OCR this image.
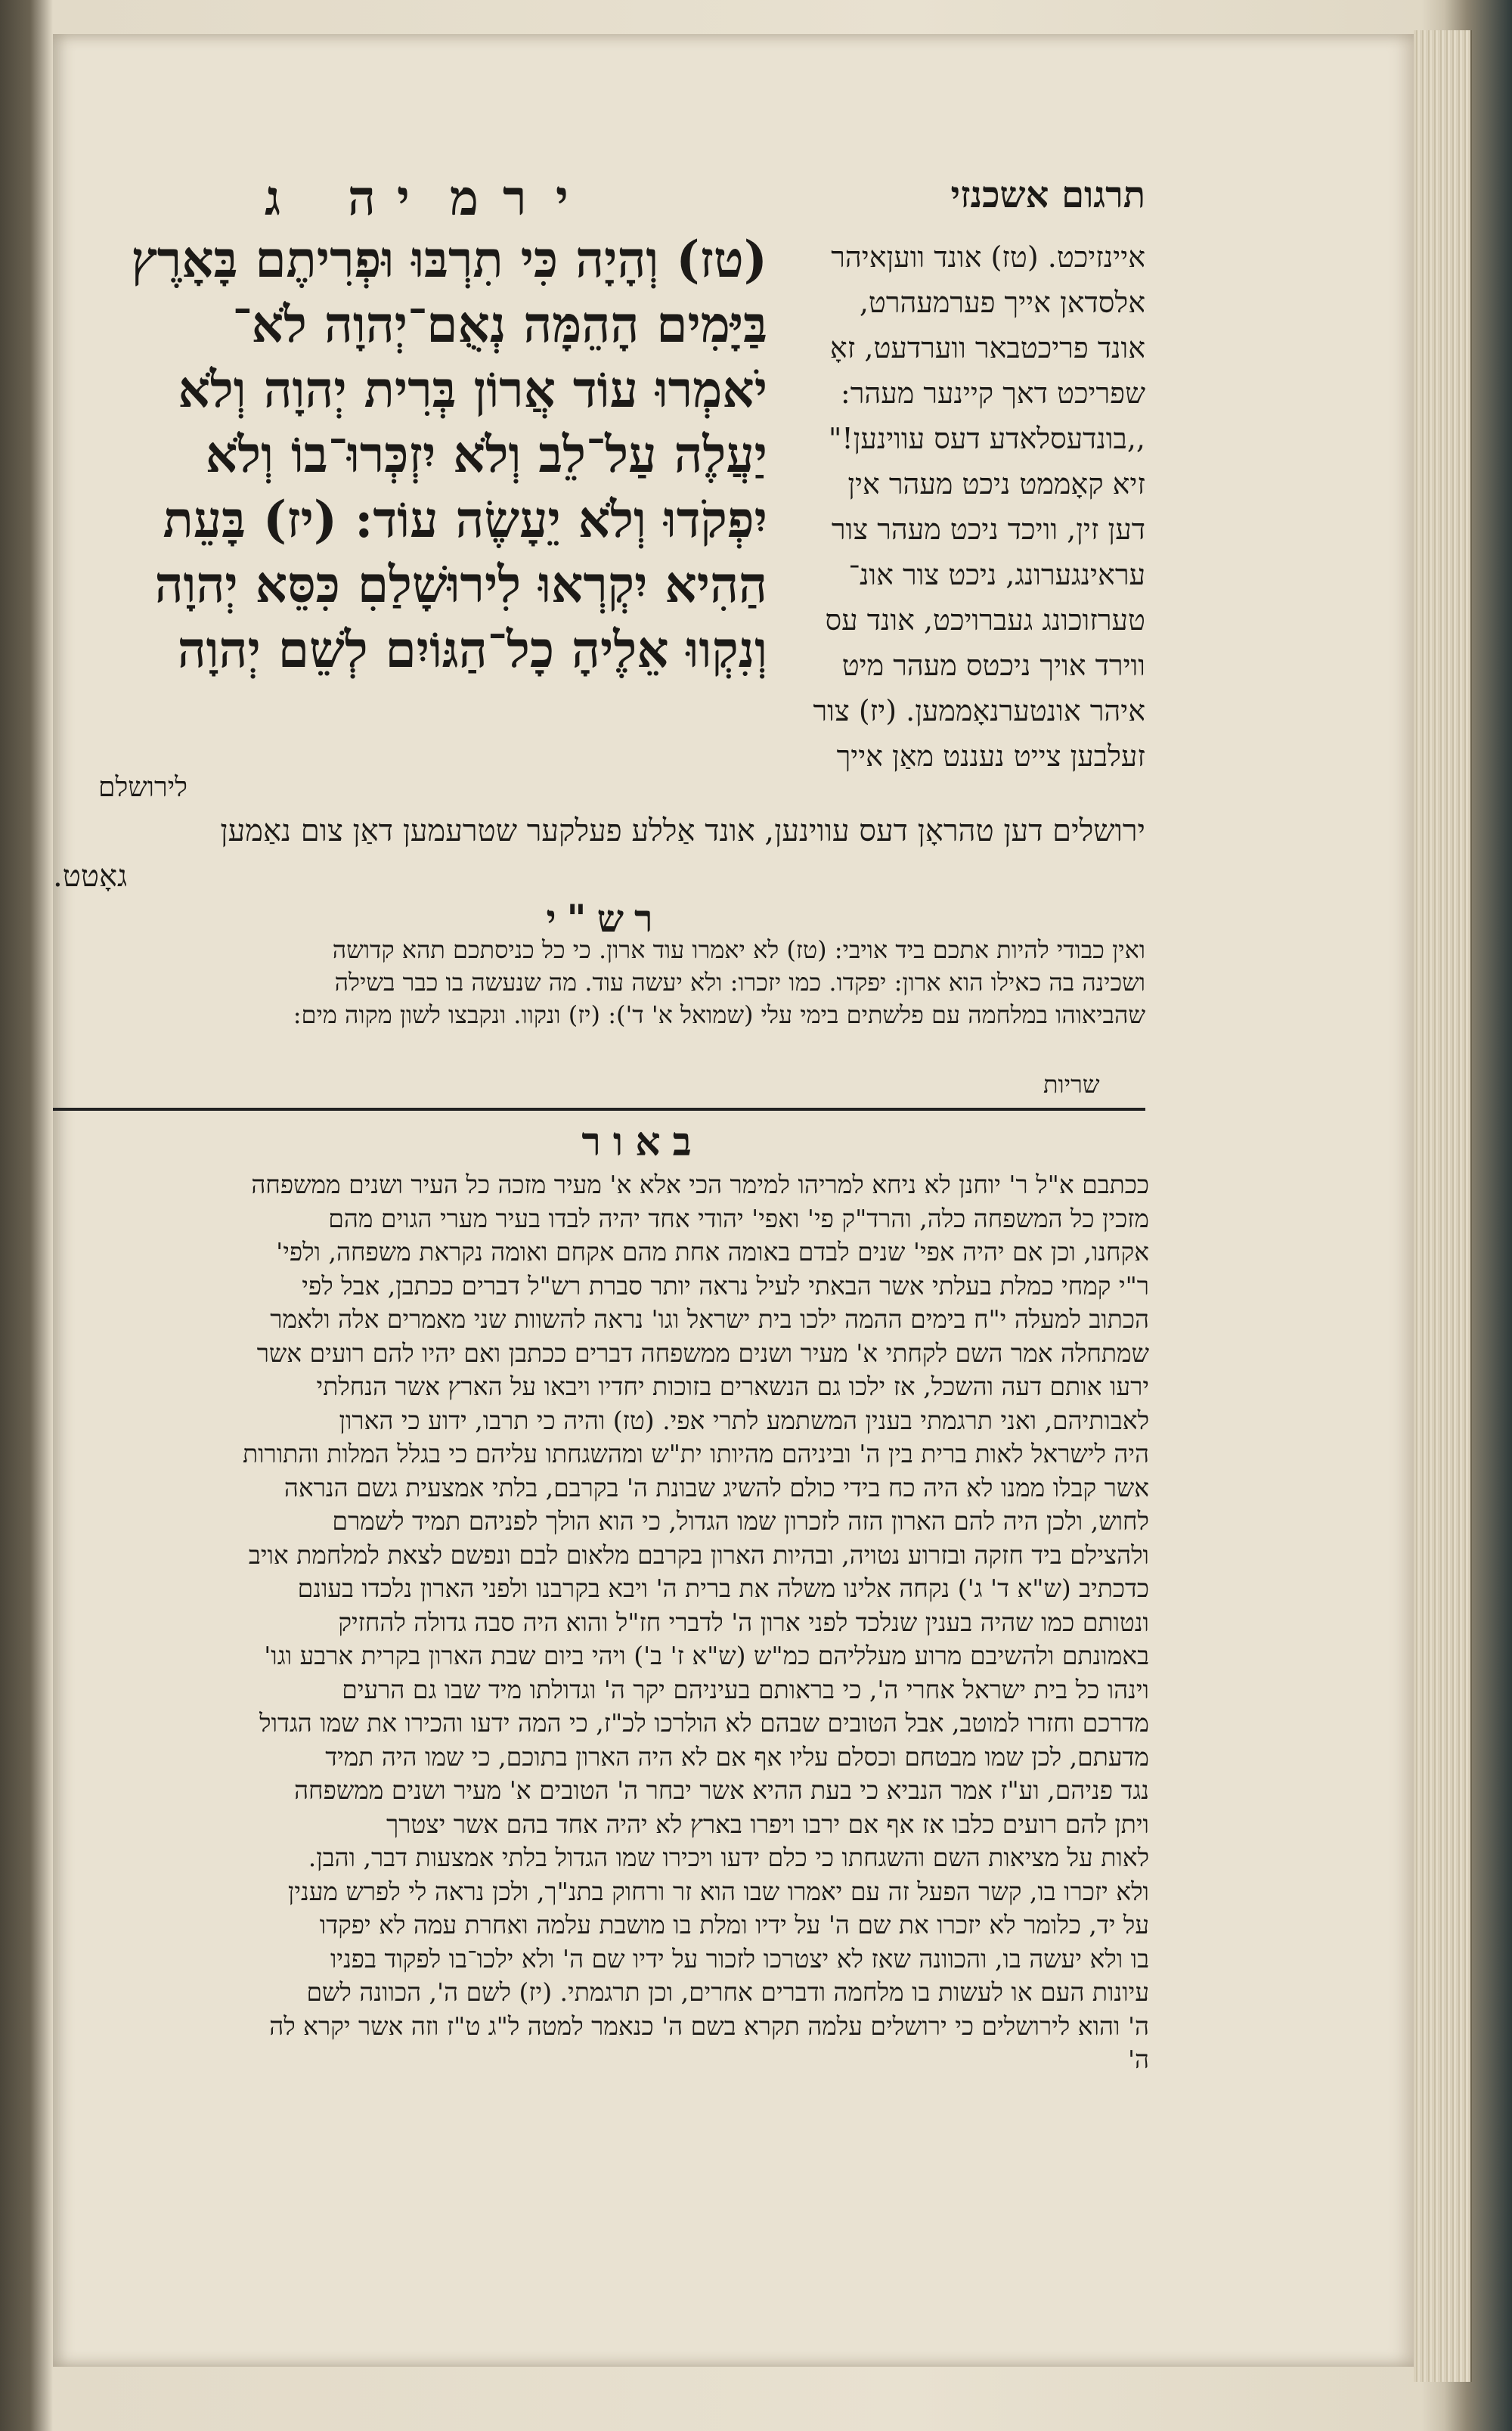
י
ר
מ
י
ה
ג	תרגום אשכנזי
איינזיכט. (טז) אונד וועןאיהר
אלסדאן אייך פערמעהרט,
אונד פריכטבאר ווערדעט, זאָ
שפריכט דאך קיינער מעהר:
,,בונדעסלאדע דעס עווינען!"
זיא קאָממט ניכט מעהר אין
דען זין, וויכד ניכט מעהר צור
עראינגערונג, ניכט צור אונ־
טערזוכונג געברויכט, אונד עס
ווירד אויך ניכטס מעהר מיט
איהר אונטערנאָממען. (יז) צור
זעלבען צייט נעננט מאַן אייך
(טז) וְהָיָה כִּי תִרְבּוּ וּפְרִיתֶם בָּאָרֶץ
בַּיָּמִים הָהֵמָּה נְאֻם־יְהוָה לֹא־
יֹאמְרוּ עוֹד אֲרוֹן בְּרִית יְהוָה וְלֹא
יַעֲלֶה עַל־לֵב וְלֹא יִזְכְּרוּ־בוֹ וְלֹא
יִפְקֹדוּ וְלֹא יֵעָשֶׂה עוֹד: (יז) בָּעֵת
הַהִיא יִקְרְאוּ לִירוּשָׁלַםִ כִּסֵּא יְהוָה
וְנִקְווּ אֵלֶיהָ כָל־הַגּוֹיִם לְשֵׁם יְהוָה
לירושלם
ירושלים דען טהראָן דעס עווינען, אונד אַללע פעלקער שטרעמען דאַן צום נאַמען
גאָטט.
רש"י
ואין כבודי להיות אתכם ביד אויבי: (טז) לא יאמרו עוד ארון. כי כל כניסתכם תהא קדושה
ושכינה בה כאילו הוא ארון: יפקדו. כמו יזכרו: ולא יעשה עוד. מה שנעשה בו כבר בשילה
שהביאוהו במלחמה עם פלשתים בימי עלי (שמואל א' ד'): (יז) ונקוו. ונקבצו לשון מקוה מים:
שריות
באור
ככתבם א"ל ר' יוחנן לא ניחא למריהו למימר הכי אלא א' מעיר מזכה כל העיר ושנים ממשפחה
מזכין כל המשפחה כלה, והרד"ק פי' ואפי' יהודי אחד יהיה לבדו בעיר מערי הגוים מהם
אקחנו, וכן אם יהיה אפי' שנים לבדם באומה אחת מהם אקחם ואומה נקראת משפחה, ולפי'
ר"י קמחי כמלת בעלתי אשר הבאתי לעיל נראה יותר סברת רש"ל דברים ככתבן, אבל לפי
הכתוב למעלה י"ח בימים ההמה ילכו בית ישראל וגו' נראה להשוות שני מאמרים אלה ולאמר
שמתחלה אמר השם לקחתי א' מעיר ושנים ממשפחה דברים ככתבן ואם יהיו להם רועים אשר
ירעו אותם דעה והשכל, אז ילכו גם הנשארים בזוכות יחדיו ויבאו על הארץ אשר הנחלתי
לאבותיהם, ואני תרגמתי בענין המשתמע לתרי אפי. (טז) והיה כי תרבו, ידוע כי הארון
היה לישראל לאות ברית בין ה' וביניהם מהיותו ית"ש ומהשגחתו עליהם כי בגלל המלות והתורות
אשר קבלו ממנו לא היה כח בידי כולם להשיג שבונת ה' בקרבם, בלתי אמצעית גשם הנראה
לחוש, ולכן היה להם הארון הזה לזכרון שמו הגדול, כי הוא הולך לפניהם תמיד לשמרם
ולהצילם ביד חזקה ובזרוע נטויה, ובהיות הארון בקרבם מלאום לבם ונפשם לצאת למלחמת אויב
כדכתיב (ש"א ד' ג') נקחה אלינו משלה את ברית ה' ויבא בקרבנו ולפני הארון נלכדו בעונם
ונטותם כמו שהיה בענין שנלכד לפני ארון ה' לדברי חז"ל והוא היה סבה גדולה להחזיק
באמונתם ולהשיבם מרוע מעלליהם כמ"ש (ש"א ז' ב') ויהי ביום שבת הארון בקרית ארבע וגו'
וינהו כל בית ישראל אחרי ה', כי בראותם בעיניהם יקר ה' וגדולתו מיד שבו גם הרעים
מדרכם וחזרו למוטב, אבל הטובים שבהם לא הולרכו לכ"ז, כי המה ידעו והכירו את שמו הגדול
מדעתם, לכן שמו מבטחם וכסלם עליו אף אם לא היה הארון בתוכם, כי שמו היה תמיד
נגד פניהם, וע"ז אמר הנביא כי בעת ההיא אשר יבחר ה' הטובים א' מעיר ושנים ממשפחה
ויתן להם רועים כלבו אז אף אם ירבו ויפרו בארץ לא יהיה אחד בהם אשר יצטרך
לאות על מציאות השם והשגחתו כי כלם ידעו ויכירו שמו הגדול בלתי אמצעות דבר, והבן.
ולא יזכרו בו, קשר הפעל זה עם יאמרו שבו הוא זר ורחוק בתנ"ך, ולכן נראה לי לפרש מענין
על יד, כלומר לא יזכרו את שם ה' על ידיו ומלת בו מושבת עלמה ואחרת עמה לא יפקדו
בו ולא יעשה בו, והכוונה שאז לא יצטרכו לזכור על ידיו שם ה' ולא ילכו־בו לפקוד בפניו
עיונות העם או לעשות בו מלחמה ודברים אחרים, וכן תרגמתי. (יז) לשם ה', הכוונה לשם
ה' והוא לירושלים כי ירושלים עלמה תקרא בשם ה' כנאמר למטה ל"ג ט"ז וזה אשר יקרא לה
ה'
